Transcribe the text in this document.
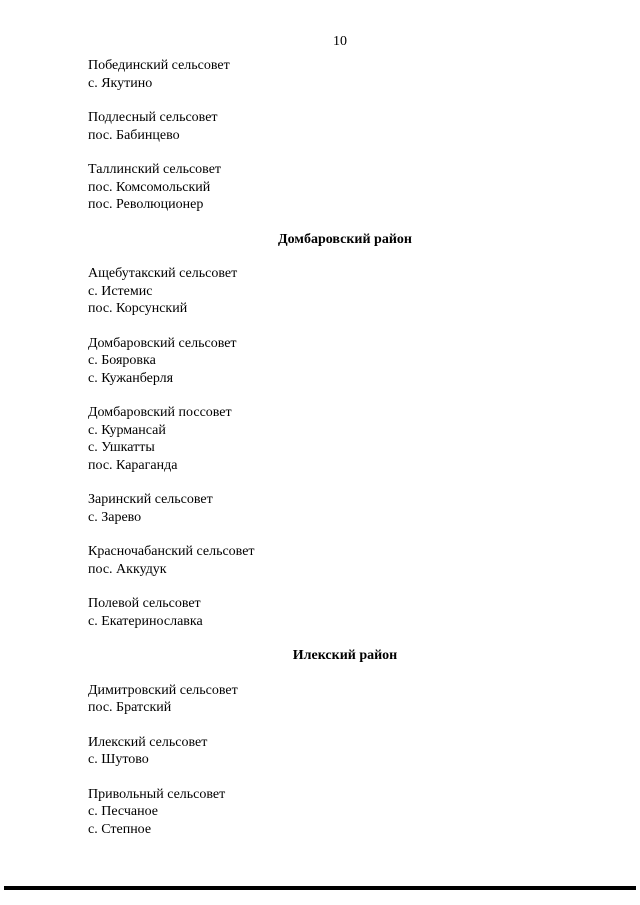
10
Побединский сельсовет
с. Якутино
Подлесный сельсовет
пос. Бабинцево
Таллинский сельсовет
пос. Комсомольский
пос. Революционер
Домбаровский район
Ащебутакский сельсовет
с. Истемис
пос. Корсунский
Домбаровский сельсовет
с. Бояровка
с. Кужанберля
Домбаровский поссовет
с. Курмансай
с. Ушкатты
пос. Караганда
Заринский сельсовет
с. Зарево
Красночабанский сельсовет
пос. Аккудук
Полевой сельсовет
с. Екатеринославка
Илекский район
Димитровский сельсовет
пос. Братский
Илекский сельсовет
с. Шутово
Привольный сельсовет
с. Песчаное
с. Степное
